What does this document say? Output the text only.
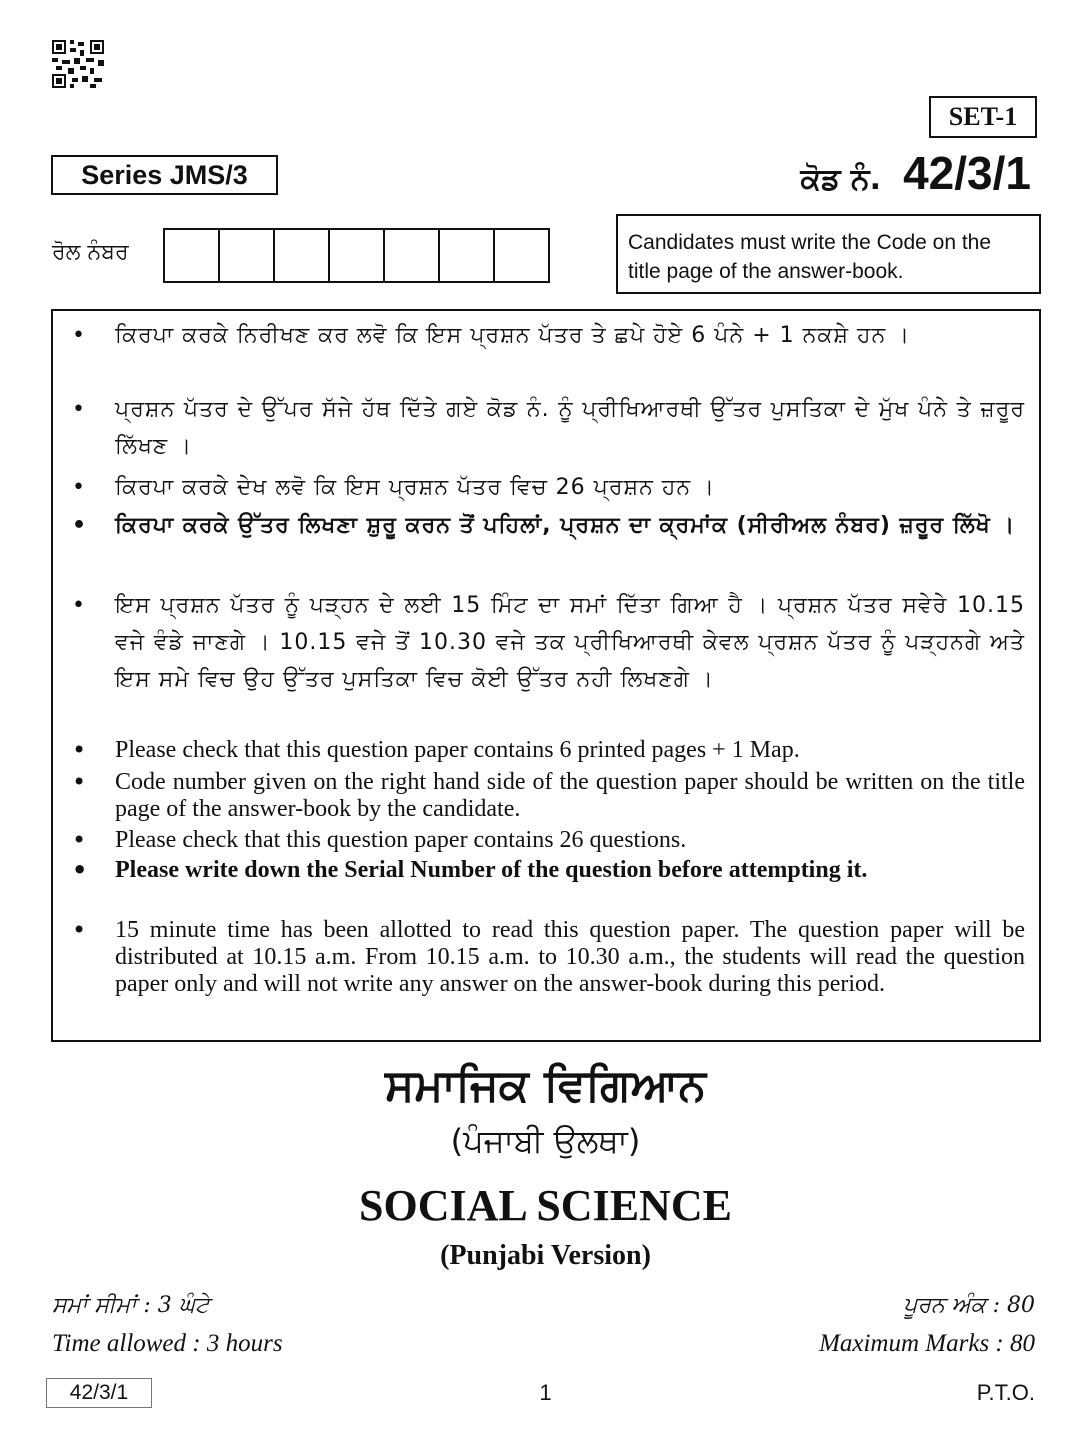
SET-1
Series JMS/3	ਕੋਡ ਨੰ. 42/3/1
ਰੋਲ ਨੰਬਰ	Candidates must write the Code on the title page of the answer-book.
• ਕਿਰਪਾ ਕਰਕੇ ਨਿਰੀਖਣ ਕਰ ਲਵੋ ਕਿ ਇਸ ਪ੍ਰਸ਼ਨ ਪੱਤਰ ਤੇ ਛਪੇ ਹੋਏ 6 ਪੰਨੇ + 1 ਨਕਸ਼ੇ ਹਨ ।
• ਪ੍ਰਸ਼ਨ ਪੱਤਰ ਦੇ ਉੱਪਰ ਸੱਜੇ ਹੱਥ ਦਿੱਤੇ ਗਏ ਕੋਡ ਨੰ. ਨੂੰ ਪ੍ਰੀਖਿਆਰਥੀ ਉੱਤਰ ਪੁਸਤਿਕਾ ਦੇ ਮੁੱਖ ਪੰਨੇ ਤੇ ਜ਼ਰੂਰ ਲਿੱਖਣ ।
• ਕਿਰਪਾ ਕਰਕੇ ਦੇਖ ਲਵੋ ਕਿ ਇਸ ਪ੍ਰਸ਼ਨ ਪੱਤਰ ਵਿਚ 26 ਪ੍ਰਸ਼ਨ ਹਨ ।
• ਕਿਰਪਾ ਕਰਕੇ ਉੱਤਰ ਲਿਖਣਾ ਸ਼ੁਰੂ ਕਰਨ ਤੋਂ ਪਹਿਲਾਂ, ਪ੍ਰਸ਼ਨ ਦਾ ਕ੍ਰਮਾਂਕ (ਸੀਰੀਅਲ ਨੰਬਰ) ਜ਼ਰੂਰ ਲਿੱਖੋ ।
• ਇਸ ਪ੍ਰਸ਼ਨ ਪੱਤਰ ਨੂੰ ਪੜ੍ਹਨ ਦੇ ਲਈ 15 ਮਿੰਟ ਦਾ ਸਮਾਂ ਦਿੱਤਾ ਗਿਆ ਹੈ । ਪ੍ਰਸ਼ਨ ਪੱਤਰ ਸਵੇਰੇ 10.15 ਵਜੇ ਵੰਡੇ ਜਾਣਗੇ । 10.15 ਵਜੇ ਤੋਂ 10.30 ਵਜੇ ਤਕ ਪ੍ਰੀਖਿਆਰਥੀ ਕੇਵਲ ਪ੍ਰਸ਼ਨ ਪੱਤਰ ਨੂੰ ਪੜ੍ਹਨਗੇ ਅਤੇ ਇਸ ਸਮੇ ਵਿਚ ਉਹ ਉੱਤਰ ਪੁਸਤਿਕਾ ਵਿਚ ਕੋਈ ਉੱਤਰ ਨਹੀ ਲਿਖਣਗੇ ।
• Please check that this question paper contains 6 printed pages + 1 Map.
• Code number given on the right hand side of the question paper should be written on the title page of the answer-book by the candidate.
• Please check that this question paper contains 26 questions.
• Please write down the Serial Number of the question before attempting it.
• 15 minute time has been allotted to read this question paper. The question paper will be distributed at 10.15 a.m. From 10.15 a.m. to 10.30 a.m., the students will read the question paper only and will not write any answer on the answer-book during this period.
ਸਮਾਜਿਕ ਵਿਗਿਆਨ
(ਪੰਜਾਬੀ ਉਲਥਾ)
SOCIAL SCIENCE
(Punjabi Version)
ਸਮਾਂ ਸੀਮਾਂ : 3 ਘੰਟੇ
Time allowed : 3 hours
ਪੂਰਨ ਅੰਕ : 80
Maximum Marks : 80
42/3/1	1	P.T.O.
